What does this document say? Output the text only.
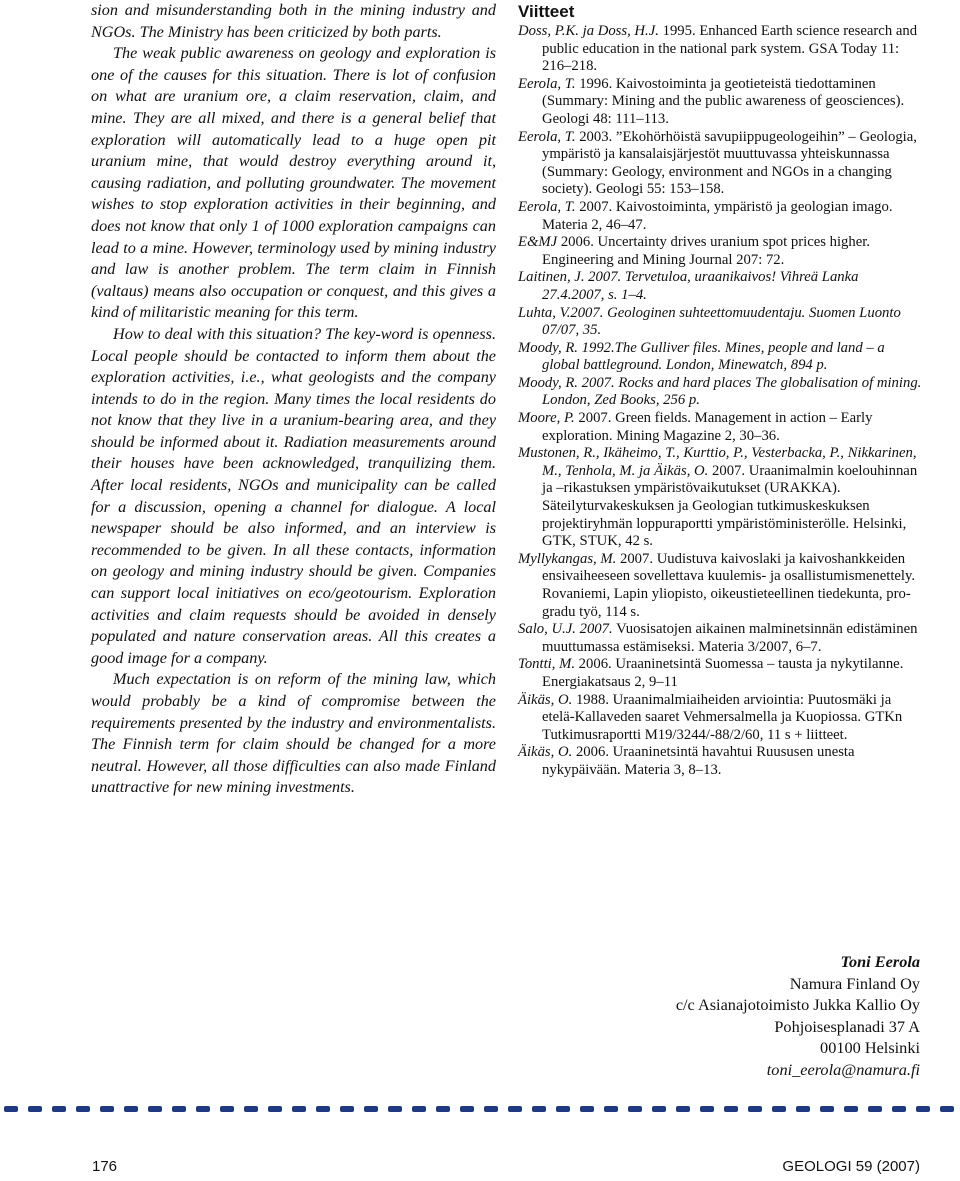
sion and misunderstanding both in the mining industry and NGOs. The Ministry has been criticized by both parts.

The weak public awareness on geology and exploration is one of the causes for this situation. There is lot of confusion on what are uranium ore, a claim reservation, claim, and mine. They are all mixed, and there is a general belief that exploration will automatically lead to a huge open pit uranium mine, that would destroy everything around it, causing radiation, and polluting groundwater. The movement wishes to stop exploration activities in their beginning, and does not know that only 1 of 1000 exploration campaigns can lead to a mine. However, terminology used by mining industry and law is another problem. The term claim in Finnish (valtaus) means also occupation or conquest, and this gives a kind of militaristic meaning for this term.

How to deal with this situation? The key-word is openness. Local people should be contacted to inform them about the exploration activities, i.e., what geologists and the company intends to do in the region. Many times the local residents do not know that they live in a uranium-bearing area, and they should be informed about it. Radiation measurements around their houses have been acknowledged, tranquilizing them. After local residents, NGOs and municipality can be called for a discussion, opening a channel for dialogue. A local newspaper should be also informed, and an interview is recommended to be given. In all these contacts, information on geology and mining industry should be given. Companies can support local initiatives on eco/geotourism. Exploration activities and claim requests should be avoided in densely populated and nature conservation areas. All this creates a good image for a company.

Much expectation is on reform of the mining law, which would probably be a kind of compromise between the requirements presented by the industry and environmentalists. The Finnish term for claim should be changed for a more neutral. However, all those difficulties can also made Finland unattractive for new mining investments.

Viitteet

Doss, P.K. ja Doss, H.J. 1995. Enhanced Earth science research and public education in the national park system. GSA Today 11: 216–218.

Eerola, T. 1996. Kaivostoiminta ja geotieteistä tiedottaminen (Summary: Mining and the public awareness of geosciences). Geologi 48: 111–113.

Eerola, T. 2003. ”Ekohörhöistä savupiippugeologeihin” – Geologia, ympäristö ja kansalaisjärjestöt muuttuvassa yhteiskunnassa (Summary: Geology, environment and NGOs in a changing society). Geologi 55: 153–158.

Eerola, T. 2007. Kaivostoiminta, ympäristö ja geologian imago. Materia 2, 46–47.

E&MJ 2006. Uncertainty drives uranium spot prices higher. Engineering and Mining Journal 207: 72.

Laitinen, J. 2007. Tervetuloa, uraanikaivos! Vihreä Lanka 27.4.2007, s. 1–4.

Luhta, V.2007. Geologinen suhteettomuudentaju. Suomen Luonto 07/07, 35.

Moody, R. 1992.The Gulliver files. Mines, people and land – a global battleground. London, Minewatch, 894 p.

Moody, R. 2007. Rocks and hard places The globalisation of mining. London, Zed Books, 256 p.

Moore, P. 2007. Green fields. Management in action – Early exploration. Mining Magazine 2, 30–36.

Mustonen, R., Ikäheimo, T., Kurttio, P., Vesterbacka, P., Nikkarinen, M., Tenhola, M. ja Äikäs, O. 2007. Uraanimalmin koelouhinnan ja –rikastuksen ympäristövaikutukset (URAKKA). Säteilyturvakeskuksen ja Geologian tutkimuskeskuksen projektiryhmän loppuraportti ympäristöministerölle. Helsinki, GTK, STUK, 42 s.

Myllykangas, M. 2007. Uudistuva kaivoslaki ja kaivoshankkeiden ensivaiheeseen sovellettava kuulemis- ja osallistumismenettely. Rovaniemi, Lapin yliopisto, oikeustieteellinen tiedekunta, pro-gradu työ, 114 s.

Salo, U.J. 2007. Vuosisatojen aikainen malminetsinnän edistäminen muuttumassa estämiseksi. Materia 3/2007, 6–7.

Tontti, M. 2006. Uraaninetsintä Suomessa – tausta ja nykytilanne. Energiakatsaus 2, 9–11

Äikäs, O. 1988. Uraanimalmiaiheiden arviointia: Puutosmäki ja etelä-Kallaveden saaret Vehmersalmella ja Kuopiossa. GTKn Tutkimusraportti M19/3244/-88/2/60, 11 s + liitteet.

Äikäs, O. 2006. Uraaninetsintä havahtui Ruususen unesta nykypäivään. Materia 3, 8–13.

Toni Eerola
Namura Finland Oy
c/c Asianajotoimisto Jukka Kallio Oy
Pohjoisesplanadi 37 A
00100 Helsinki
toni_eerola@namura.fi
176	GEOLOGI 59 (2007)
